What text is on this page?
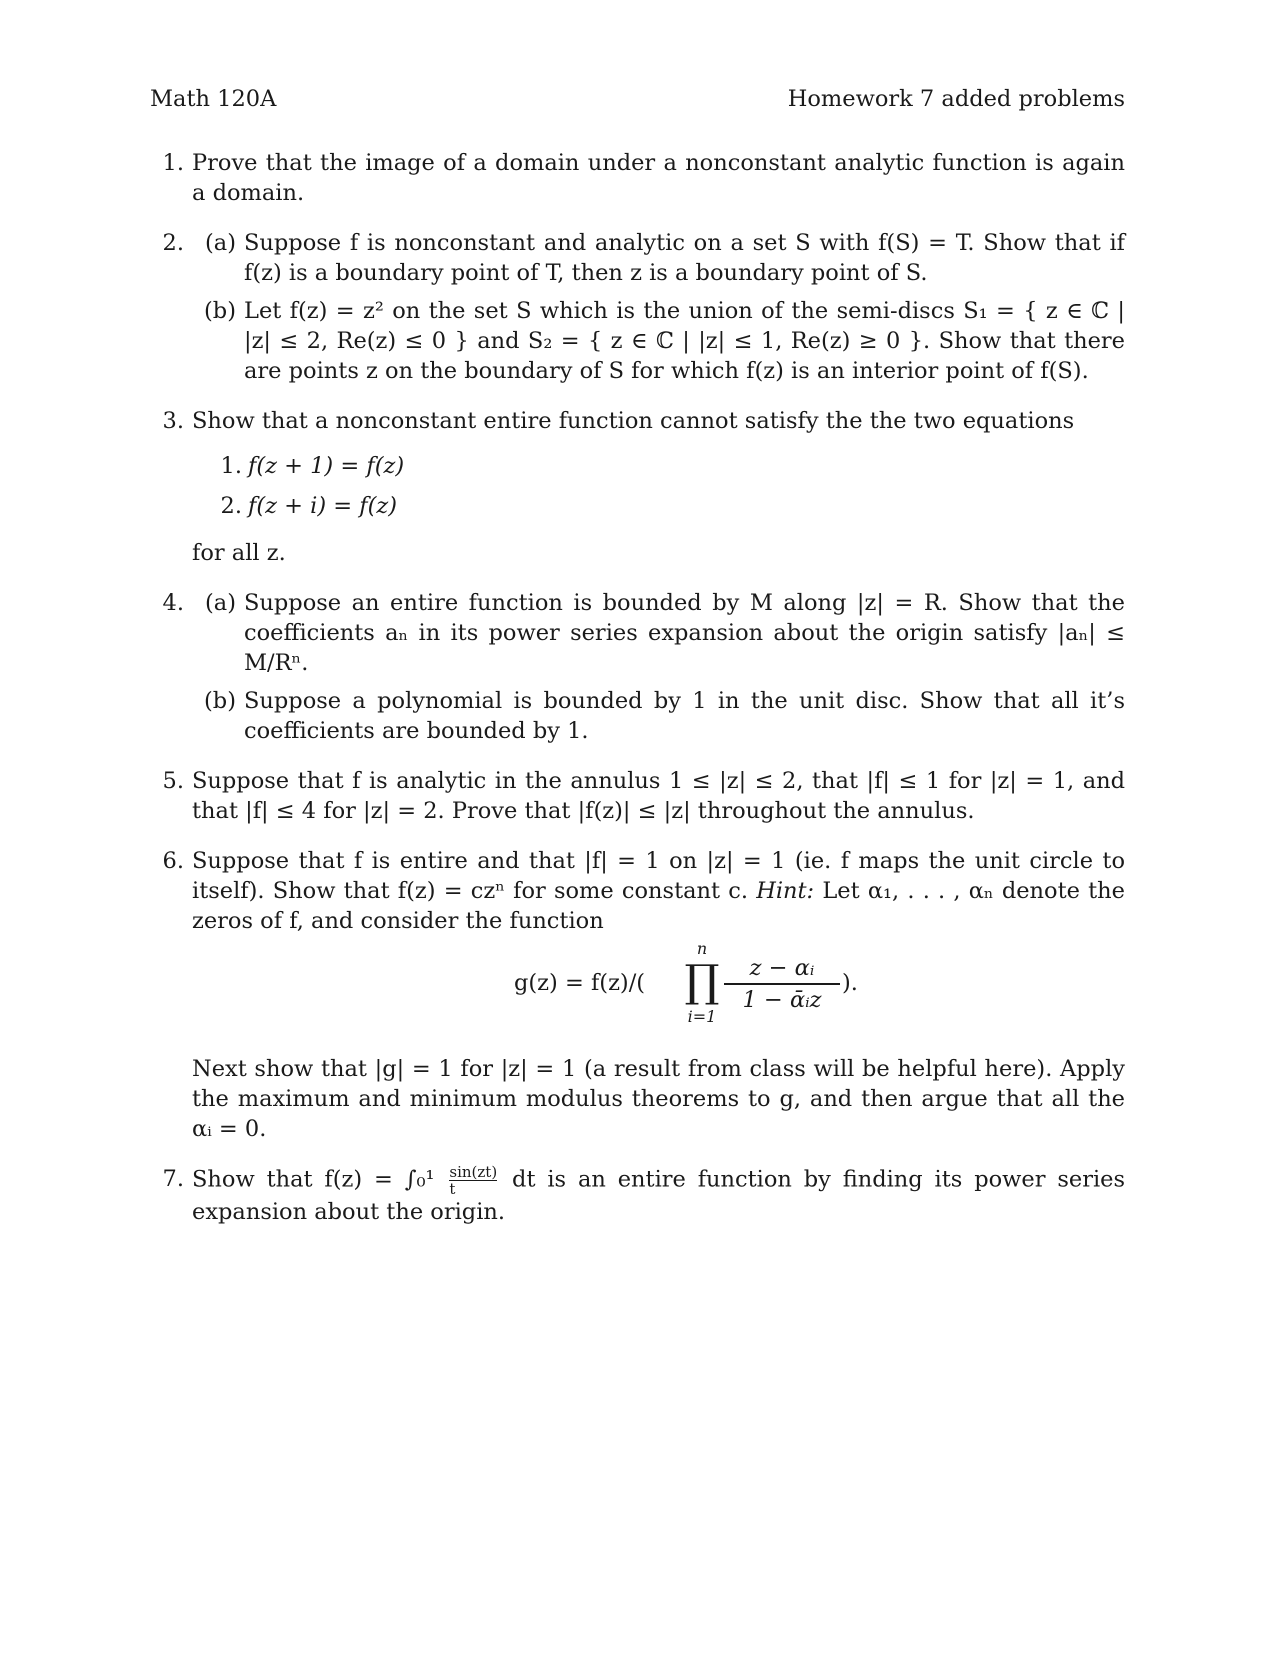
Math 120A	Homework 7 added problems
1. Prove that the image of a domain under a nonconstant analytic function is again a domain.
2. (a) Suppose f is nonconstant and analytic on a set S with f(S) = T. Show that if f(z) is a boundary point of T, then z is a boundary point of S.
(b) Let f(z) = z² on the set S which is the union of the semi-discs S₁ = { z ∈ ℂ | |z| ≤ 2, Re(z) ≤ 0 } and S₂ = { z ∈ ℂ | |z| ≤ 1, Re(z) ≥ 0 }. Show that there are points z on the boundary of S for which f(z) is an interior point of f(S).
3. Show that a nonconstant entire function cannot satisfy the the two equations
1. f(z + 1) = f(z)
2. f(z + i) = f(z)
for all z.
4. (a) Suppose an entire function is bounded by M along |z| = R. Show that the coefficients aₙ in its power series expansion about the origin satisfy |aₙ| ≤ M/Rⁿ.
(b) Suppose a polynomial is bounded by 1 in the unit disc. Show that all it’s coefficients are bounded by 1.
5. Suppose that f is analytic in the annulus 1 ≤ |z| ≤ 2, that |f| ≤ 1 for |z| = 1, and that |f| ≤ 4 for |z| = 2. Prove that |f(z)| ≤ |z| throughout the annulus.
6. Suppose that f is entire and that |f| = 1 on |z| = 1 (ie. f maps the unit circle to itself). Show that f(z) = czⁿ for some constant c. Hint: Let α₁, . . . , αₙ denote the zeros of f, and consider the function
g(z) = f(z)/(
n
∏
i=1
z − αᵢ
1 − ᾱᵢz
).
Next show that |g| = 1 for |z| = 1 (a result from class will be helpful here). Apply the maximum and minimum modulus theorems to g, and then argue that all the αᵢ = 0.
7. Show that $f(z) = \int_0^1 \frac{\sin(zt)}{t}$ dt is an entire function by finding its power series expansion about the origin.
